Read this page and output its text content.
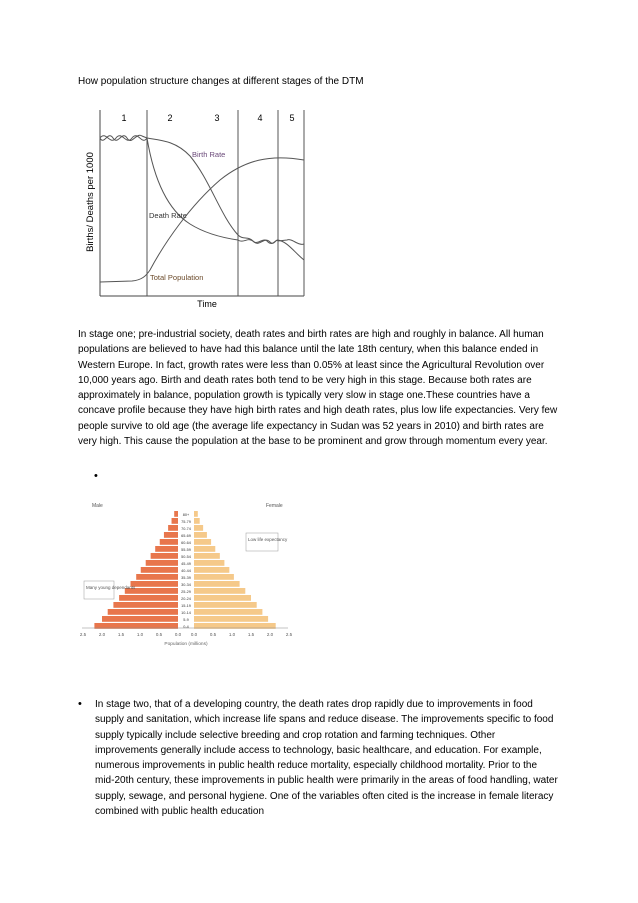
How population structure changes at different stages of the DTM
1	2	3	4	5
Birth Rate
Death Rate
Total Population
Births/ Deaths per 1000
Time
In stage one; pre-industrial society, death rates and birth rates are high and roughly in balance. All human populations are believed to have had this balance until the late 18th century, when this balance ended in Western Europe. In fact, growth rates were less than 0.05% at least since the Agricultural Revolution over 10,000 years ago. Birth and death rates both tend to be very high in this stage. Because both rates are approximately in balance, population growth is typically very slow in stage one.These countries have a concave profile because they have high birth rates and high death rates, plus low life expectancies. Very few people survive to old age (the average life expectancy in Sudan was 52 years in 2010) and birth rates are very high. This cause the population at the base to be prominent and grow through momentum every year.
•
Male	Female
0-4
5-9
10-14
15-19
20-24
25-29
30-34
35-39
40-44
45-49
50-54
55-59
60-64
65-69
70-74
75-79
80+
2.5	2.0	1.5	1.0	0.5	0.0 0.0	0.5	1.0	1.5	2.0	2.5
Population (millions)
Low life expectancy
Many young dependants
• In stage two, that of a developing country, the death rates drop rapidly due to improvements in food supply and sanitation, which increase life spans and reduce disease. The improvements specific to food supply typically include selective breeding and crop rotation and farming techniques. Other improvements generally include access to technology, basic healthcare, and education. For example, numerous improvements in public health reduce mortality, especially childhood mortality. Prior to the mid-20th century, these improvements in public health were primarily in the areas of food handling, water supply, sewage, and personal hygiene. One of the variables often cited is the increase in female literacy combined with public health education
